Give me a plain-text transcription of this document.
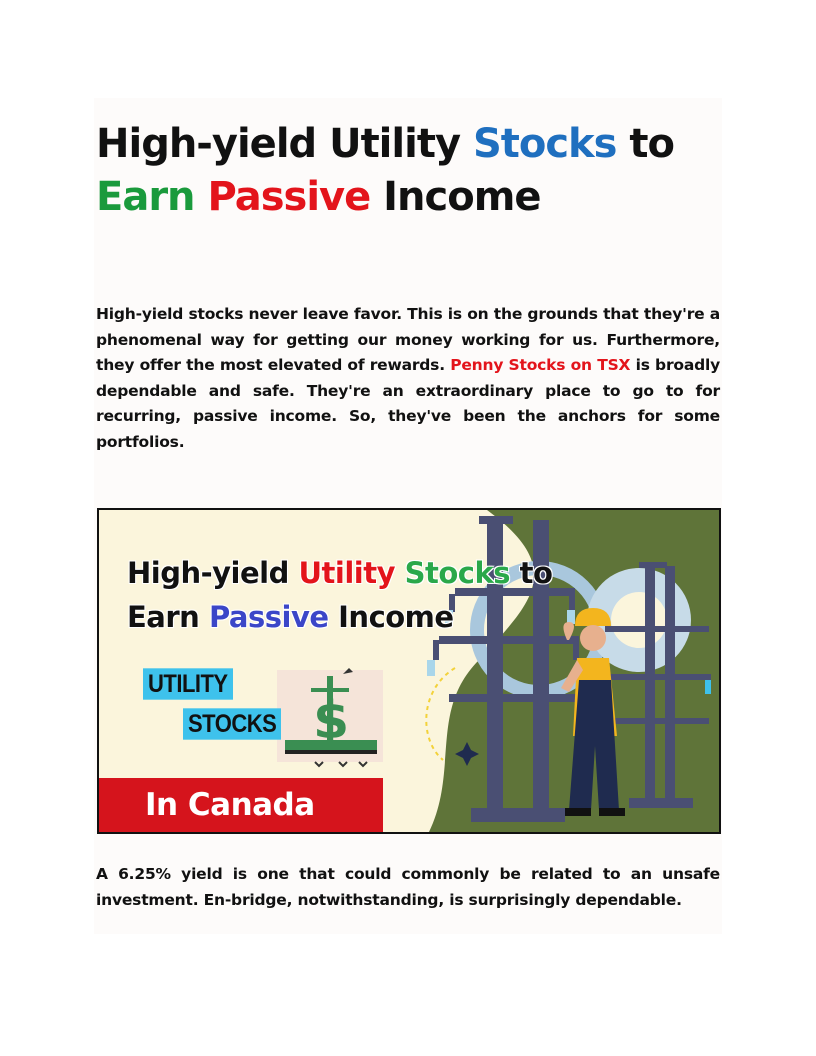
High-yield Utility Stocks to
Earn Passive Income

High-yield stocks never leave favor. This is on the grounds that they're a phenomenal way for getting our money working for us. Furthermore, they offer the most elevated of rewards. Penny Stocks on TSX is broadly dependable and safe. They're an extraordinary place to go to for recurring, passive income. So, they've been the anchors for some portfolios.

$
High-yield Utility Stocks to
Earn Passive Income
UTILITY
STOCKS
In Canada

A 6.25% yield is one that could commonly be related to an unsafe investment. En-bridge, notwithstanding, is surprisingly dependable.
